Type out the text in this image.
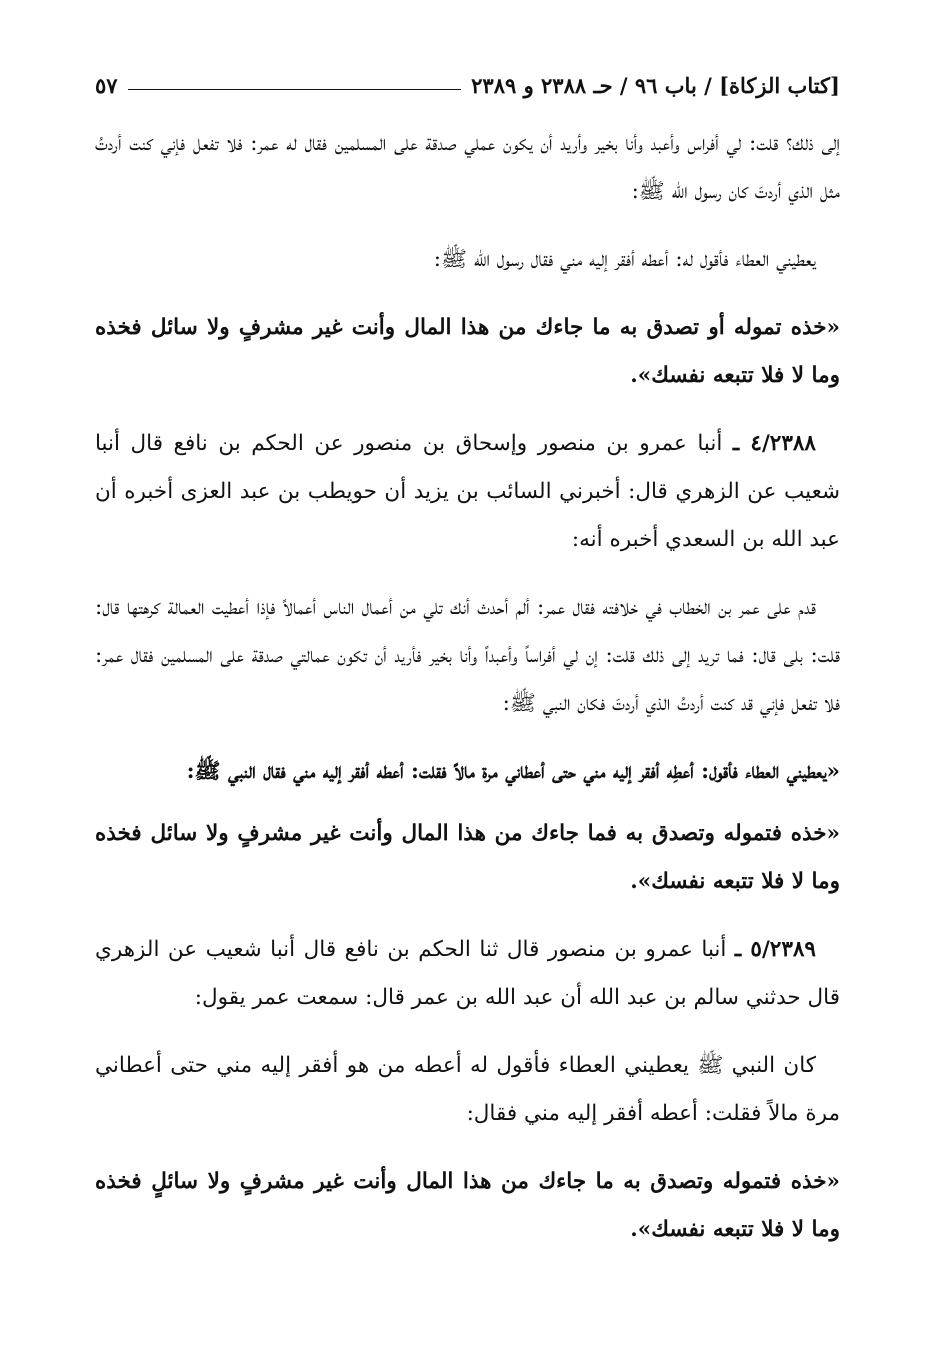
[كتاب الزكاة] / باب ٩٦ / حـ ٢٣٨٨ و ٢٣٨٩
٥٧

إلى ذلك؟ قلت: لي أفراس وأعبد وأنا بخير وأريد أن يكون عملي صدقة على المسلمين فقال له عمر: فلا تفعل فإني كنت أردتُ مثل الذي أردتَ كان رسول الله ﷺ:

يعطيني العطاء فأقول له: أعطه أفقر إليه مني فقال رسول الله ﷺ:

«خذه تموله أو تصدق به ما جاءك من هذا المال وأنت غير مشرفٍ ولا سائل فخذه وما لا فلا تتبعه نفسك».

٤/٢٣٨٨ ـ أنبا عمرو بن منصور وإسحاق بن منصور عن الحكم بن نافع قال أنبا شعيب عن الزهري قال: أخبرني السائب بن يزيد أن حويطب بن عبد العزى أخبره أن عبد الله بن السعدي أخبره أنه:

قدم على عمر بن الخطاب في خلافته فقال عمر: ألم أحدث أنك تلي من أعمال الناس أعمالاً فإذا أعطيت العمالة كرهتها قال: قلت: بلى قال: فما تريد إلى ذلك قلت: إن لي أفراساً وأعبداً وأنا بخير فأريد أن تكون عمالتي صدقة على المسلمين فقال عمر: فلا تفعل فإني قد كنت أردتُ الذي أردتَ فكان النبي ﷺ:

«يعطيني العطاء فأقول: أعطِه أفقر إليه مني حتى أعطاني مرة مالاً فقلت: أعطه أفقر إليه مني فقال النبي ﷺ:

«خذه فتموله وتصدق به فما جاءك من هذا المال وأنت غير مشرفٍ ولا سائل فخذه وما لا فلا تتبعه نفسك».

٥/٢٣٨٩ ـ أنبا عمرو بن منصور قال ثنا الحكم بن نافع قال أنبا شعيب عن الزهري قال حدثني سالم بن عبد الله أن عبد الله بن عمر قال: سمعت عمر يقول:

كان النبي ﷺ يعطيني العطاء فأقول له أعطه من هو أفقر إليه مني حتى أعطاني مرة مالاً فقلت: أعطه أفقر إليه مني فقال:

«خذه فتموله وتصدق به ما جاءك من هذا المال وأنت غير مشرفٍ ولا سائلٍ فخذه وما لا فلا تتبعه نفسك».
